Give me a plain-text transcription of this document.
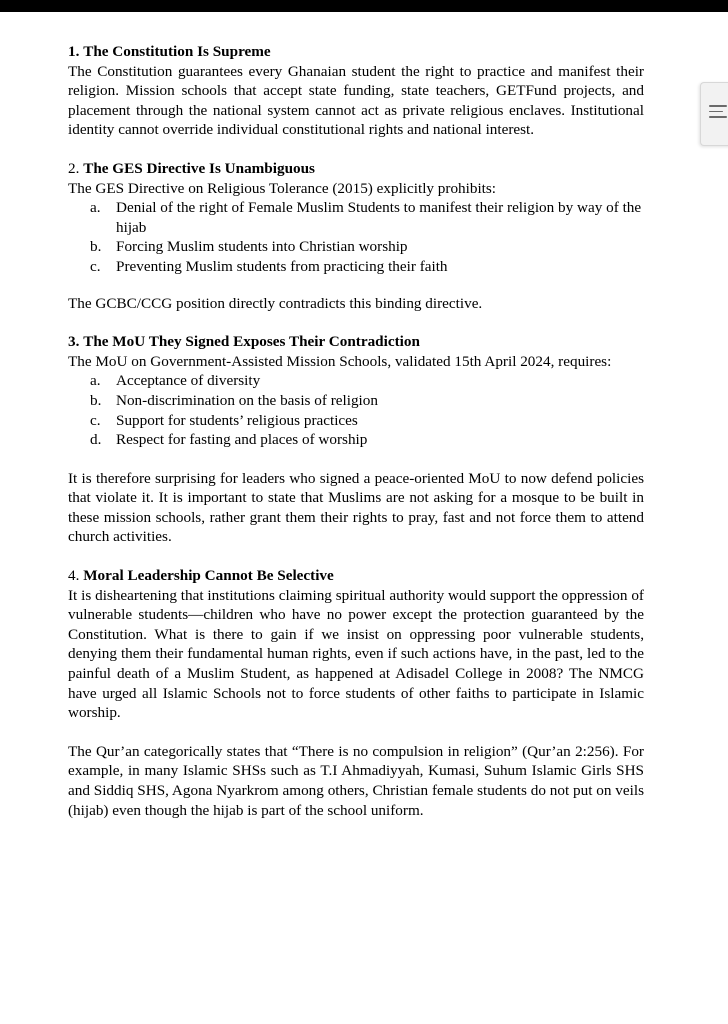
1. The Constitution Is Supreme

The Constitution guarantees every Ghanaian student the right to practice and manifest their religion. Mission schools that accept state funding, state teachers, GETFund projects, and placement through the national system cannot act as private religious enclaves. Institutional identity cannot override individual constitutional rights and national interest.

2. The GES Directive Is Unambiguous

The GES Directive on Religious Tolerance (2015) explicitly prohibits:

a.	Denial of the right of Female Muslim Students to manifest their religion by way of the hijab
b. Forcing Muslim students into Christian worship
c.	Preventing Muslim students from practicing their faith

The GCBC/CCG position directly contradicts this binding directive.

3. The MoU They Signed Exposes Their Contradiction

The MoU on Government-Assisted Mission Schools, validated 15th April 2024, requires:

a.	Acceptance of diversity
b. Non-discrimination on the basis of religion
c.	Support for students’ religious practices
d. Respect for fasting and places of worship

It is therefore surprising for leaders who signed a peace-oriented MoU to now defend policies that violate it. It is important to state that Muslims are not asking for a mosque to be built in these mission schools, rather grant them their rights to pray, fast and not force them to attend church activities.

4. Moral Leadership Cannot Be Selective

It is disheartening that institutions claiming spiritual authority would support the oppression of vulnerable students—children who have no power except the protection guaranteed by the Constitution. What is there to gain if we insist on oppressing poor vulnerable students, denying them their fundamental human rights, even if such actions have, in the past, led to the painful death of a Muslim Student, as happened at Adisadel College in 2008? The NMCG have urged all Islamic Schools not to force students of other faiths to participate in Islamic worship.

The Qur’an categorically states that “There is no compulsion in religion” (Qur’an 2:256). For example, in many Islamic SHSs such as T.I Ahmadiyyah, Kumasi, Suhum Islamic Girls SHS and Siddiq SHS, Agona Nyarkrom among others, Christian female students do not put on veils (hijab) even though the hijab is part of the school uniform.
